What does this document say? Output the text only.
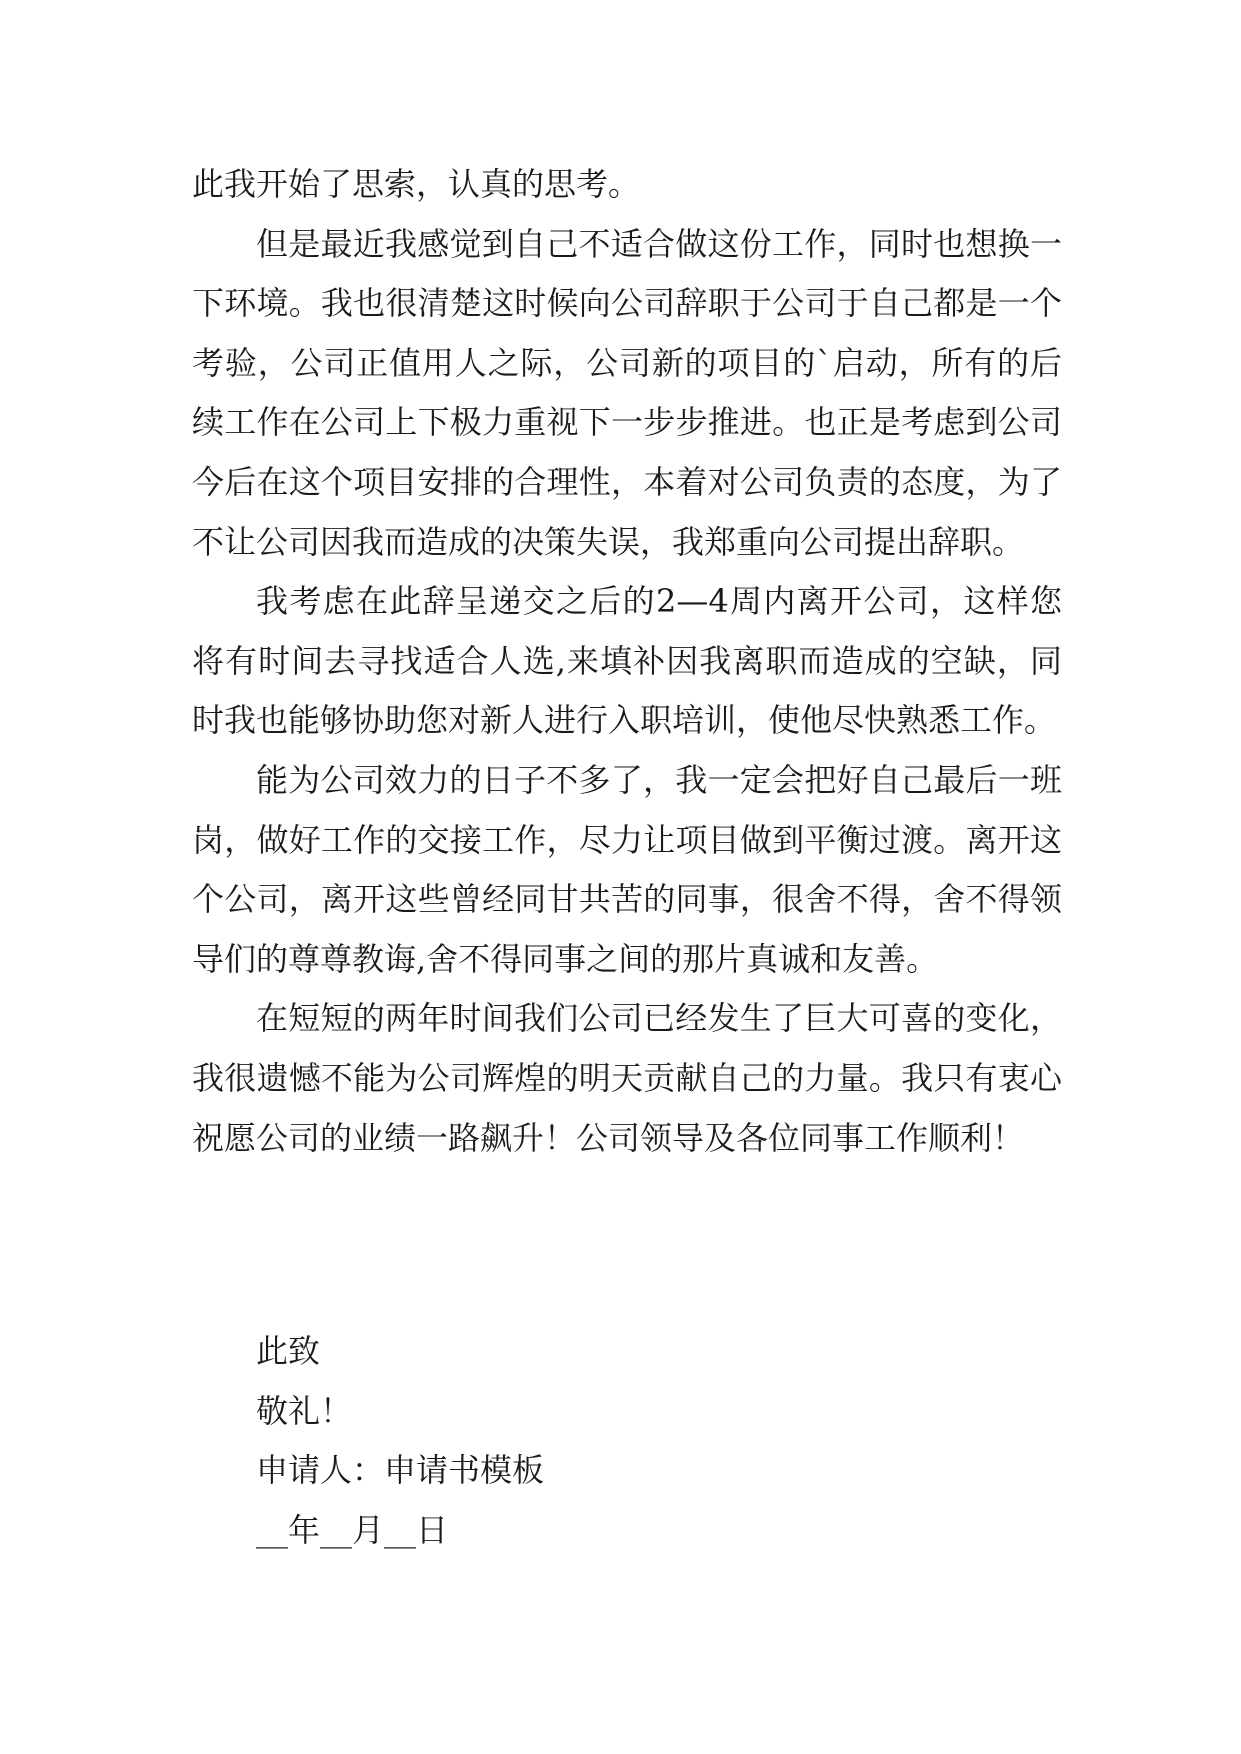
此我开始了思索，认真的思考。

但是最近我感觉到自己不适合做这份工作，同时也想换一下环境。我也很清楚这时候向公司辞职于公司于自己都是一个考验，公司正值用人之际，公司新的项目的`启动，所有的后续工作在公司上下极力重视下一步步推进。也正是考虑到公司今后在这个项目安排的合理性，本着对公司负责的态度，为了不让公司因我而造成的决策失误，我郑重向公司提出辞职。

我考虑在此辞呈递交之后的2—4周内离开公司，这样您将有时间去寻找适合人选,来填补因我离职而造成的空缺，同时我也能够协助您对新人进行入职培训，使他尽快熟悉工作。

能为公司效力的日子不多了，我一定会把好自己最后一班岗，做好工作的交接工作，尽力让项目做到平衡过渡。离开这个公司，离开这些曾经同甘共苦的同事，很舍不得，舍不得领导们的尊尊教诲,舍不得同事之间的那片真诚和友善。

在短短的两年时间我们公司已经发生了巨大可喜的变化，我很遗憾不能为公司辉煌的明天贡献自己的力量。我只有衷心祝愿公司的业绩一路飙升！公司领导及各位同事工作顺利！

此致
敬礼！
申请人：申请书模板
__年__月__日
